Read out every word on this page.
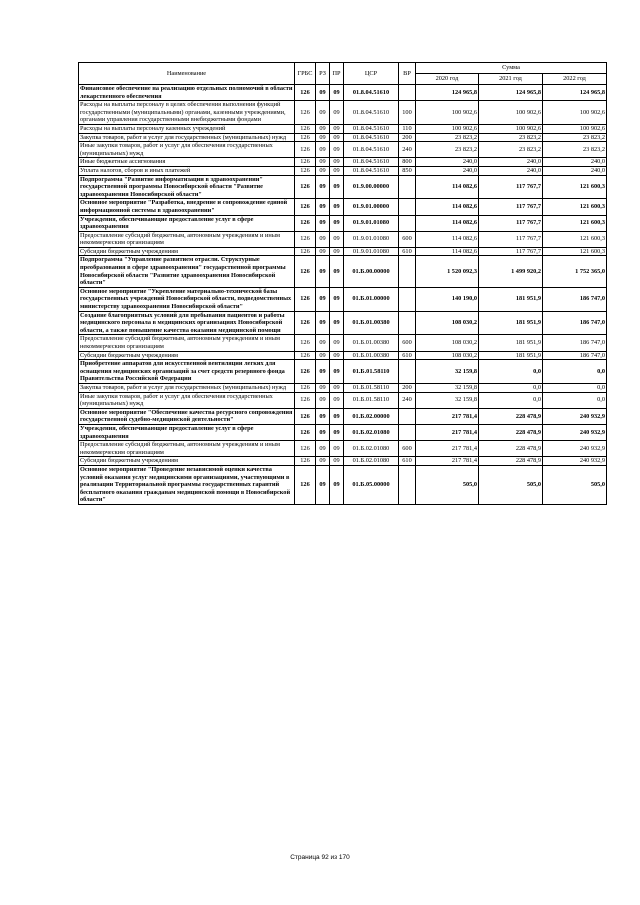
Наименование	ГРБС	РЗ	ПР	ЦСР	ВР	Сумма		
						2020 год	2021 год	2022 год
Финансовое обеспечение на реализацию отдельных полномочий в области лекарственного обеспечения	126	09	09	01.8.04.51610		124 965,8	124 965,8	124 965,8
Расходы на выплаты персоналу в целях обеспечения выполнения функций государственными (муниципальными) органами, казенными учреждениями, органами управления государственными внебюджетными фондами	126	09	09	01.8.04.51610	100	100 902,6	100 902,6	100 902,6
Расходы на выплаты персоналу казенных учреждений	126	09	09	01.8.04.51610	110	100 902,6	100 902,6	100 902,6
Закупка товаров, работ и услуг для государственных (муниципальных) нужд	126	09	09	01.8.04.51610	200	23 823,2	23 823,2	23 823,2
Иные закупки товаров, работ и услуг для обеспечения государственных (муниципальных) нужд	126	09	09	01.8.04.51610	240	23 823,2	23 823,2	23 823,2
Иные бюджетные ассигнования	126	09	09	01.8.04.51610	800	240,0	240,0	240,0
Уплата налогов, сборов и иных платежей	126	09	09	01.8.04.51610	850	240,0	240,0	240,0
Подпрограмма "Развитие информатизации в здравоохранении" государственной программы Новосибирской области "Развитие здравоохранения Новосибирской области"	126	09	09	01.9.00.00000		114 082,6	117 767,7	121 600,3
Основное мероприятие "Разработка, внедрение и сопровождение единой информационной системы в здравоохранении"	126	09	09	01.9.01.00000		114 082,6	117 767,7	121 600,3
Учреждения, обеспечивающие предоставление услуг в сфере здравоохранения	126	09	09	01.9.01.01080		114 082,6	117 767,7	121 600,3
Предоставление субсидий бюджетным, автономным учреждениям и иным некоммерческим организациям	126	09	09	01.9.01.01080	600	114 082,6	117 767,7	121 600,3
Субсидии бюджетным учреждениям	126	09	09	01.9.01.01080	610	114 082,6	117 767,7	121 600,3
Подпрограмма "Управление развитием отрасли. Структурные преобразования в сфере здравоохранения" государственной программы Новосибирской области "Развитие здравоохранения Новосибирской области"	126	09	09	01.Б.00.00000		1 520 092,3	1 499 920,2	1 752 365,0
Основное мероприятие "Укрепление материально-технической базы государственных учреждений Новосибирской области, подведомственных министерству здравоохранения Новосибирской области"	126	09	09	01.Б.01.00000		140 190,0	181 951,9	186 747,0
Создание благоприятных условий для пребывания пациентов и работы медицинского персонала в медицинских организациях Новосибирской области, а также повышение качества оказания медицинской помощи	126	09	09	01.Б.01.00380		108 030,2	181 951,9	186 747,0
Предоставление субсидий бюджетным, автономным учреждениям и иным некоммерческим организациям	126	09	09	01.Б.01.00380	600	108 030,2	181 951,9	186 747,0
Субсидии бюджетным учреждениям	126	09	09	01.Б.01.00380	610	108 030,2	181 951,9	186 747,0
Приобретение аппаратов для искусственной вентиляции легких для оснащения медицинских организаций за счет средств резервного фонда Правительства Российской Федерации	126	09	09	01.Б.01.58110		32 159,8	0,0	0,0
Закупка товаров, работ и услуг для государственных (муниципальных) нужд	126	09	09	01.Б.01.58110	200	32 159,8	0,0	0,0
Иные закупки товаров, работ и услуг для обеспечения государственных (муниципальных) нужд	126	09	09	01.Б.01.58110	240	32 159,8	0,0	0,0
Основное мероприятие "Обеспечение качества ресурсного сопровождения государственной судебно-медицинской деятельности"	126	09	09	01.Б.02.00000		217 781,4	228 478,9	240 932,9
Учреждения, обеспечивающие предоставление услуг в сфере здравоохранения	126	09	09	01.Б.02.01080		217 781,4	228 478,9	240 932,9
Предоставление субсидий бюджетным, автономным учреждениям и иным некоммерческим организациям	126	09	09	01.Б.02.01080	600	217 781,4	228 478,9	240 932,9
Субсидии бюджетным учреждениям	126	09	09	01.Б.02.01080	610	217 781,4	228 478,9	240 932,9
Основное мероприятие "Проведение независимой оценки качества условий оказания услуг медицинскими организациями, участвующими в реализации Территориальной программы государственных гарантий бесплатного оказания гражданам медицинской помощи в Новосибирской области"	126	09	09	01.Б.05.00000		505,0	505,0	505,0
Страница 92 из 170
